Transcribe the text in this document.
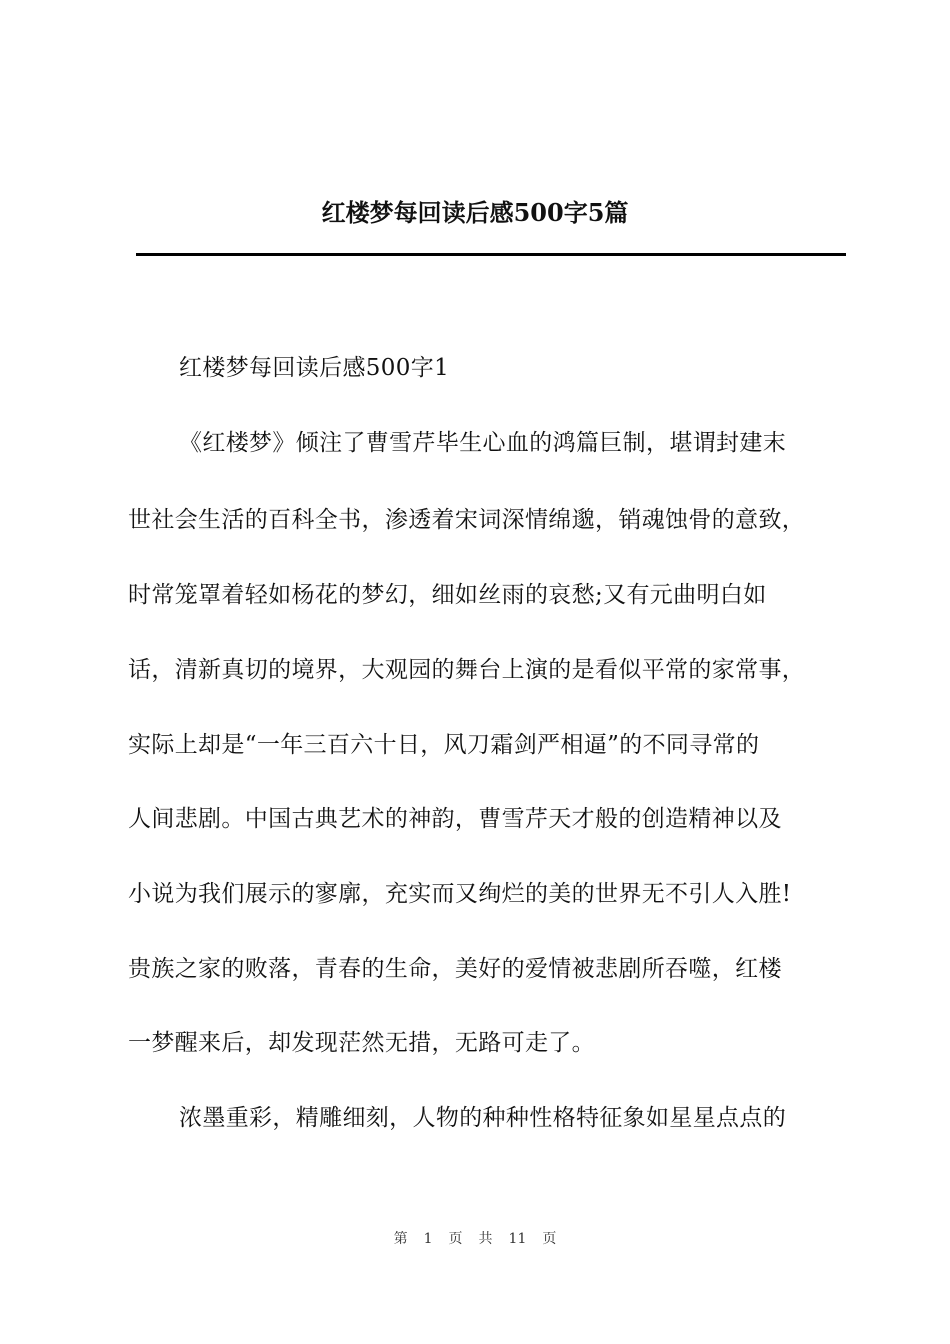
红楼梦每回读后感500字5篇
红楼梦每回读后感500字1
《红楼梦》倾注了曹雪芹毕生心血的鸿篇巨制，堪谓封建末
世社会生活的百科全书，渗透着宋词深情绵邈，销魂蚀骨的意致，
时常笼罩着轻如杨花的梦幻，细如丝雨的哀愁;又有元曲明白如
话，清新真切的境界，大观园的舞台上演的是看似平常的家常事，
实际上却是“一年三百六十日，风刀霜剑严相逼”的不同寻常的
人间悲剧。中国古典艺术的神韵，曹雪芹天才般的创造精神以及
小说为我们展示的寥廓，充实而又绚烂的美的世界无不引人入胜!
贵族之家的败落，青春的生命，美好的爱情被悲剧所吞噬，红楼
一梦醒来后，却发现茫然无措，无路可走了。
浓墨重彩，精雕细刻，人物的种种性格特征象如星星点点的
第 1 页 共 11 页
